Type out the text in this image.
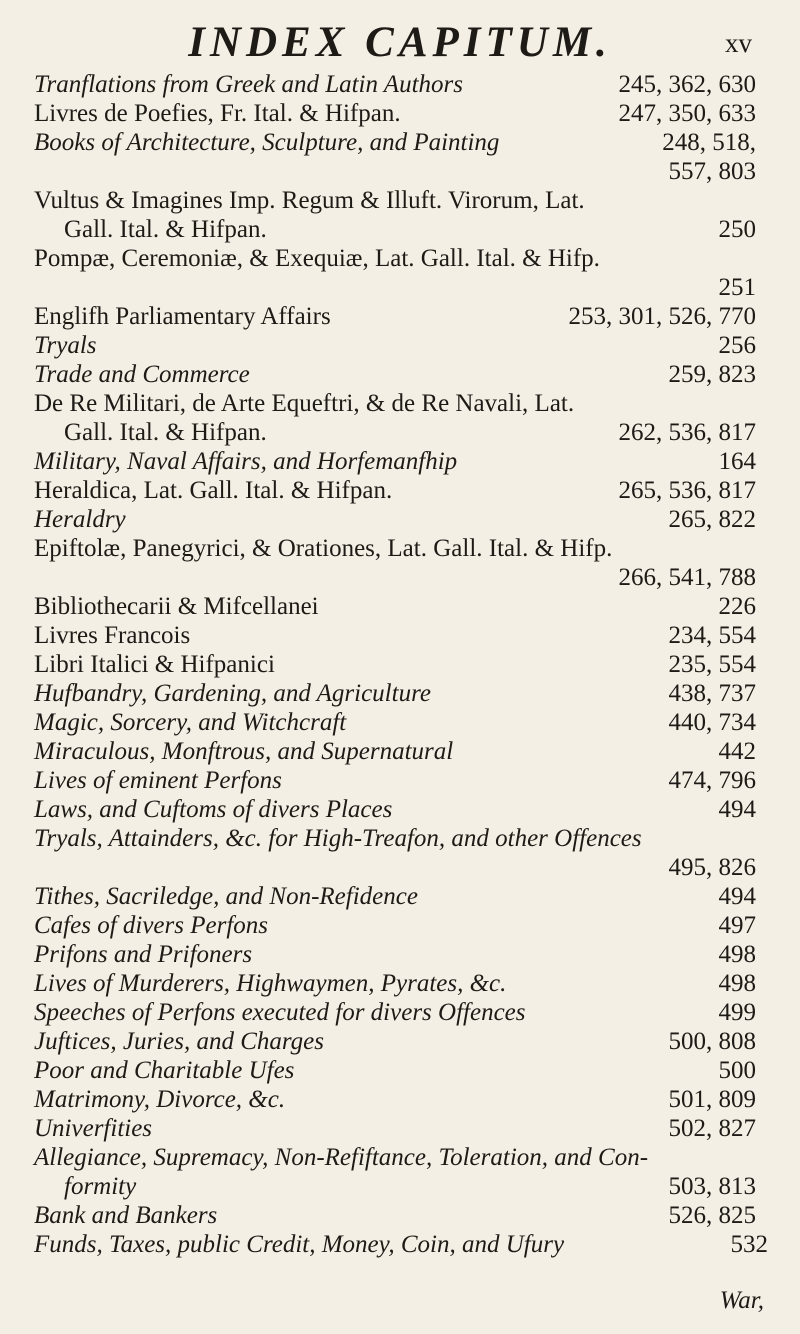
INDEX CAPITUM.	xv
Tranflations from Greek and Latin Authors	245, 362, 630
Livres de Poefies, Fr. Ital. & Hifpan.	247, 350, 633
Books of Architecture, Sculpture, and Painting	248, 518,
557, 803
Vultus & Imagines Imp. Regum & Illuft. Virorum, Lat.
Gall. Ital. & Hifpan.	250
Pompæ, Ceremoniæ, & Exequiæ, Lat. Gall. Ital. & Hifp.
251
Englifh Parliamentary Affairs	253, 301, 526, 770
Tryals	256
Trade and Commerce	259, 823
De Re Militari, de Arte Equeftri, & de Re Navali, Lat.
Gall. Ital. & Hifpan.	262, 536, 817
Military, Naval Affairs, and Horfemanfhip	164
Heraldica, Lat. Gall. Ital. & Hifpan.	265, 536, 817
Heraldry	265, 822
Epiftolæ, Panegyrici, & Orationes, Lat. Gall. Ital. & Hifp.
266, 541, 788
Bibliothecarii & Mifcellanei	226
Livres Francois	234, 554
Libri Italici & Hifpanici	235, 554
Hufbandry, Gardening, and Agriculture	438, 737
Magic, Sorcery, and Witchcraft	440, 734
Miraculous, Monftrous, and Supernatural	442
Lives of eminent Perfons	474, 796
Laws, and Cuftoms of divers Places	494
Tryals, Attainders, &c. for High-Treafon, and other Offences
495, 826
Tithes, Sacriledge, and Non-Refidence	494
Cafes of divers Perfons	497
Prifons and Prifoners	498
Lives of Murderers, Highwaymen, Pyrates, &c.	498
Speeches of Perfons executed for divers Offences	499
Juftices, Juries, and Charges	500, 808
Poor and Charitable Ufes	500
Matrimony, Divorce, &c.	501, 809
Univerfities	502, 827
Allegiance, Supremacy, Non-Refiftance, Toleration, and Con-
formity	503, 813
Bank and Bankers	526, 825
Funds, Taxes, public Credit, Money, Coin, and Ufury	532
War,
